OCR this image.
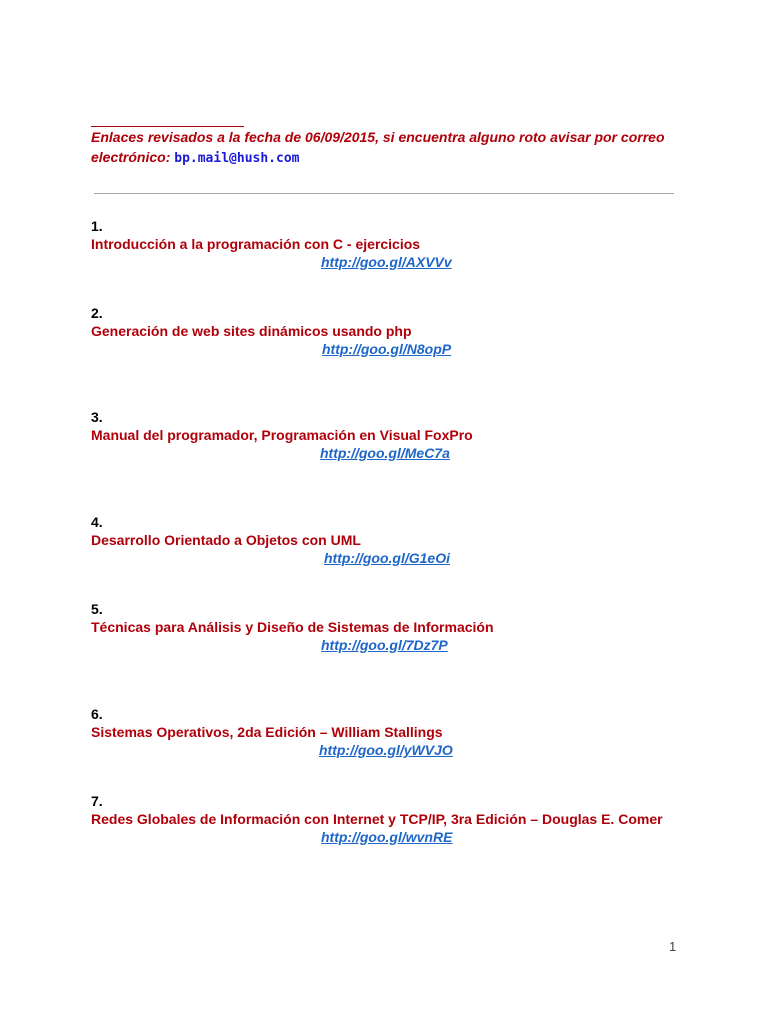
Enlaces revisados a la fecha de 06/09/2015, si encuentra alguno roto avisar por correo electrónico: bp.mail@hush.com
1.
Introducción a la programación con C - ejercicios
http://goo.gl/AXVVv
2.
Generación de web sites dinámicos usando php
http://goo.gl/N8opP
3.
Manual del programador, Programación en Visual FoxPro
http://goo.gl/MeC7a
4.
Desarrollo Orientado a Objetos con UML
http://goo.gl/G1eOi
5.
Técnicas para Análisis y Diseño de Sistemas de Información
http://goo.gl/7Dz7P
6.
Sistemas Operativos, 2da Edición – William Stallings
http://goo.gl/yWVJO
7.
Redes Globales de Información con Internet y TCP/IP, 3ra Edición – Douglas E. Comer
http://goo.gl/wvnRE
1
